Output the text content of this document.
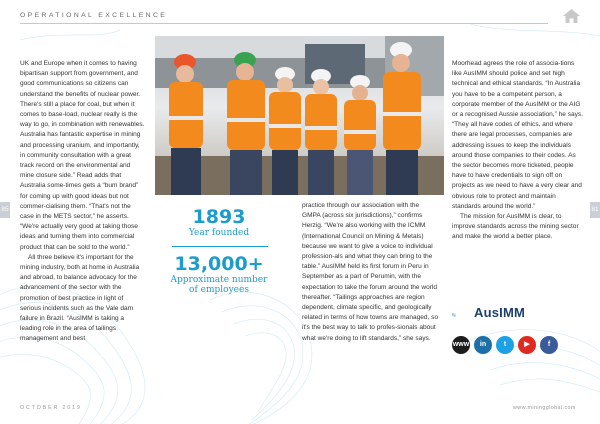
OPERATIONAL EXCELLENCE
85	81

UK and Europe when it comes to having bipartisan support from government, and good communications so citizens can understand the benefits of nuclear power. There's still a place for coal, but when it comes to base-load, nuclear really is the way to go, in combination with renewables. Australia has fantastic expertise in mining and processing uranium, and importantly, in community consultation with a great track record on the environmental and mine closure side.” Read adds that Australia some-times gets a “bum brand” for coming up with good ideas but not commer-cialising them. “That's not the case in the METS sector,” he asserts. “We're actually very good at taking those ideas and turning them into commercial product that can be sold to the world.”

All three believe it's important for the mining industry, both at home in Australia and abroad, to balance advocacy for the advancement of the sector with the promotion of best practice in light of serious incidents such as the Vale dam failure in Brazil. “AusIMM is taking a leading role in the area of tailings management and best

1893
Year founded
13,000+
Approximate number
of employees

practice through our association with the GMPA (across six jurisdictions),” confirms Herzig. “We're also working with the ICMM (International Council on Mining & Metals) because we want to give a voice to individual profession-als and what they can bring to the table.” AusIMM held its first forum in Peru in September as a part of Perumin, with the expectation to take the forum around the world thereafter. “Tailings approaches are region dependent, climate specific, and geologically related in terms of how towns are managed, so it's the best way to talk to profes-sionals about what we're doing to lift standards,” she says.

Moorhead agrees the role of associa-tions like AusIMM should police and set high technical and ethical standards. “In Australia you have to be a competent person, a corporate member of the AusIMM or the AIG or a recognised Aussie association,” he says. “They all have codes of ethics, and where there are legal processes, companies are addressing issues to keep the individuals around those companies to their codes. As the sector becomes more ticketed, people have to have credentials to sign off on projects as we need to have a very clear and obvious role to protect and maintain standards around the world.”

The mission for AusIMM is clear, to improve standards across the mining sector and make the world a better place.

AusIMM
www	in	t	▶	f
OCTOBER 2019	www.miningglobal.com
